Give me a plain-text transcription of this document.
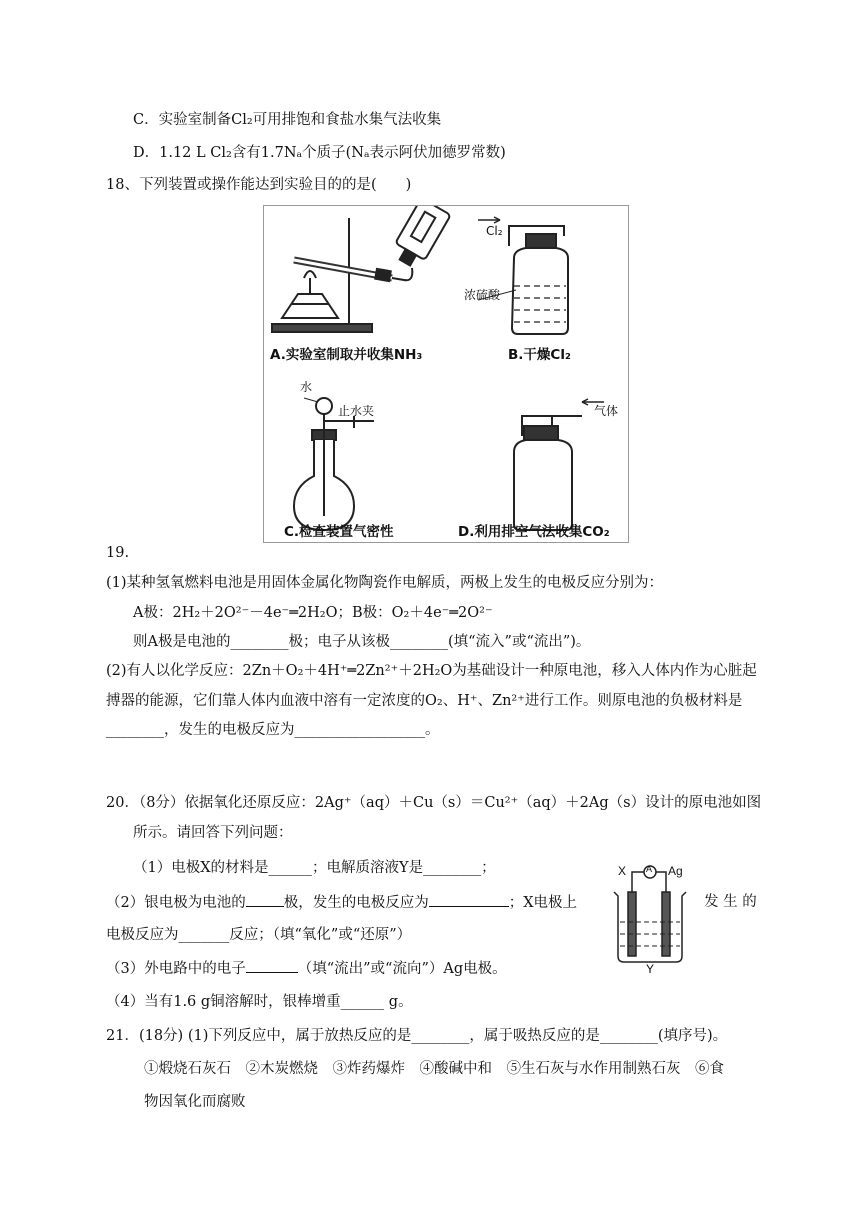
C．实验室制备Cl₂可用排饱和食盐水集气法收集
D．1.12 L Cl₂含有1.7Nₐ个质子(Nₐ表示阿伏加德罗常数)
18、下列装置或操作能达到实验目的的是(　　)
Cl₂
浓硫酸
水
止水夹	气体
A.实验室制取并收集NH₃	B.干燥Cl₂
C.检查装置气密性	D.利用排空气法收集CO₂
19.
(1)某种氢氧燃料电池是用固体金属化物陶瓷作电解质，两极上发生的电极反应分别为：
A极：2H₂＋2O²⁻－4e⁻═2H₂O；B极：O₂＋4e⁻═2O²⁻
则A极是电池的________极；电子从该极________(填“流入”或“流出”)。
(2)有人以化学反应：2Zn＋O₂＋4H⁺═2Zn²⁺＋2H₂O为基础设计一种原电池，移入人体内作为心脏起
搏器的能源，它们靠人体内血液中溶有一定浓度的O₂、H⁺、Zn²⁺进行工作。则原电池的负极材料是
________，发生的电极反应为__________________。
20．（8分）依据氧化还原反应：2Ag⁺（aq）＋Cu（s）＝Cu²⁺（aq）＋2Ag（s）设计的原电池如图
所示。请回答下列问题：
（1）电极X的材料是______；电解质溶液Y是________；
（2）银电极为电池的	极，发生的电极反应为	；X电极上	发 生 的
电极反应为_______反应；（填“氧化”或“还原”）
（3）外电路中的电子	（填“流出”或“流向”）Ag电极。
（4）当有1.6 g铜溶解时，银棒增重______ g。
X A Ag
Y
21．(18分) (1)下列反应中，属于放热反应的是________，属于吸热反应的是________(填序号)。
①煅烧石灰石　②木炭燃烧　③炸药爆炸　④酸碱中和　⑤生石灰与水作用制熟石灰　⑥食
物因氧化而腐败
